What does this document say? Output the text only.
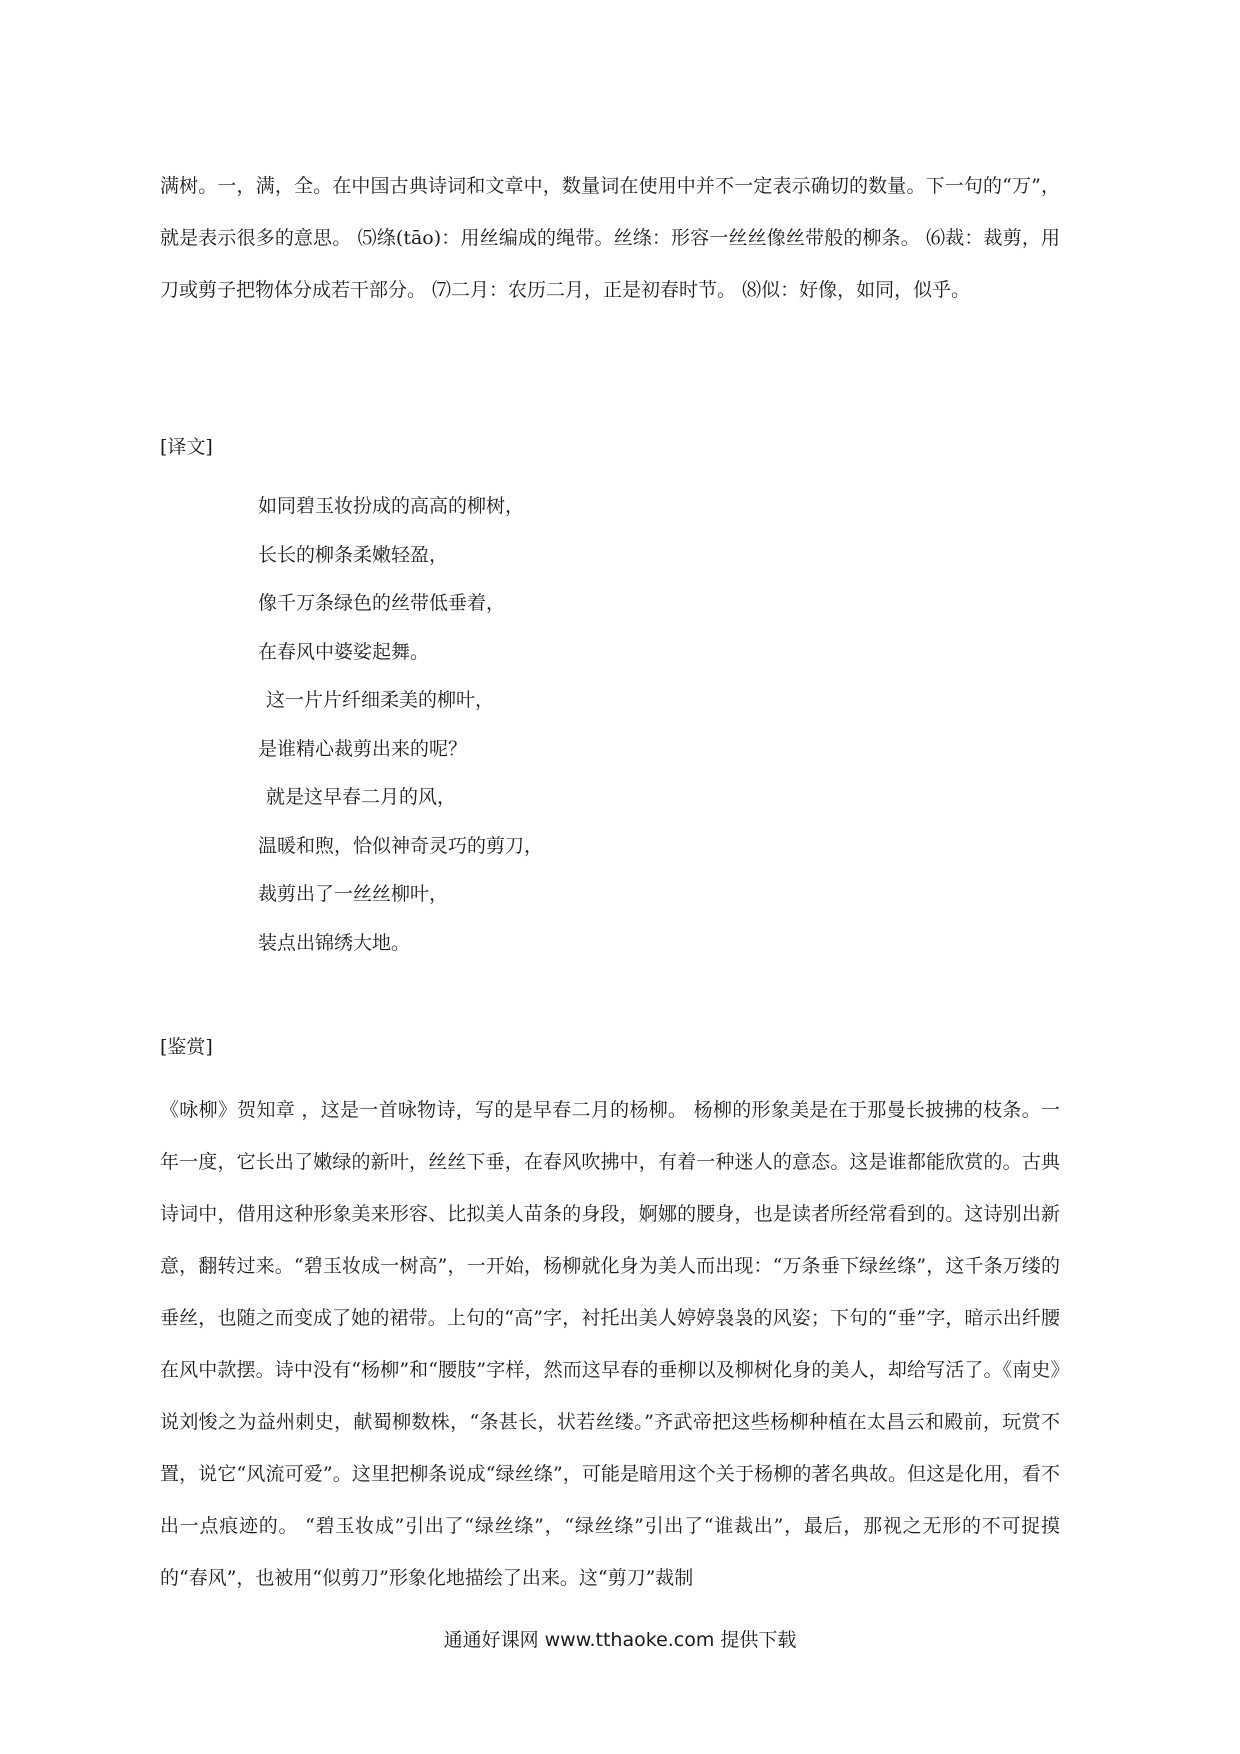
满树。一，满，全。在中国古典诗词和文章中，数量词在使用中并不一定表示确切的数量。下一句的“万”，就是表示很多的意思。 ⑸绦(tāo)：用丝编成的绳带。丝绦：形容一丝丝像丝带般的柳条。 ⑹裁：裁剪，用刀或剪子把物体分成若干部分。 ⑺二月：农历二月，正是初春时节。 ⑻似：好像，如同，似乎。

[译文]

如同碧玉妆扮成的高高的柳树，
长长的柳条柔嫩轻盈，
像千万条绿色的丝带低垂着，
在春风中婆娑起舞。
这一片片纤细柔美的柳叶，
是谁精心裁剪出来的呢？
就是这早春二月的风，
温暖和煦，恰似神奇灵巧的剪刀，
裁剪出了一丝丝柳叶，
装点出锦绣大地。

[鉴赏]

《咏柳》贺知章 ，这是一首咏物诗，写的是早春二月的杨柳。 杨柳的形象美是在于那曼长披拂的枝条。一年一度，它长出了嫩绿的新叶，丝丝下垂，在春风吹拂中，有着一种迷人的意态。这是谁都能欣赏的。古典诗词中，借用这种形象美来形容、比拟美人苗条的身段，婀娜的腰身，也是读者所经常看到的。这诗别出新意，翻转过来。“碧玉妆成一树高”，一开始，杨柳就化身为美人而出现：“万条垂下绿丝绦”，这千条万缕的垂丝，也随之而变成了她的裙带。上句的“高”字，衬托出美人婷婷袅袅的风姿；下句的“垂”字，暗示出纤腰在风中款摆。诗中没有“杨柳”和“腰肢”字样，然而这早春的垂柳以及柳树化身的美人，却给写活了。《南史》说刘悛之为益州刺史，献蜀柳数株，“条甚长，状若丝缕。”齐武帝把这些杨柳种植在太昌云和殿前，玩赏不置，说它“风流可爱”。这里把柳条说成“绿丝绦”，可能是暗用这个关于杨柳的著名典故。但这是化用，看不出一点痕迹的。 “碧玉妆成”引出了“绿丝绦”，“绿丝绦”引出了“谁裁出”，最后，那视之无形的不可捉摸的“春风”，也被用“似剪刀”形象化地描绘了出来。这“剪刀”裁制

通通好课网 www.tthaoke.com 提供下载
